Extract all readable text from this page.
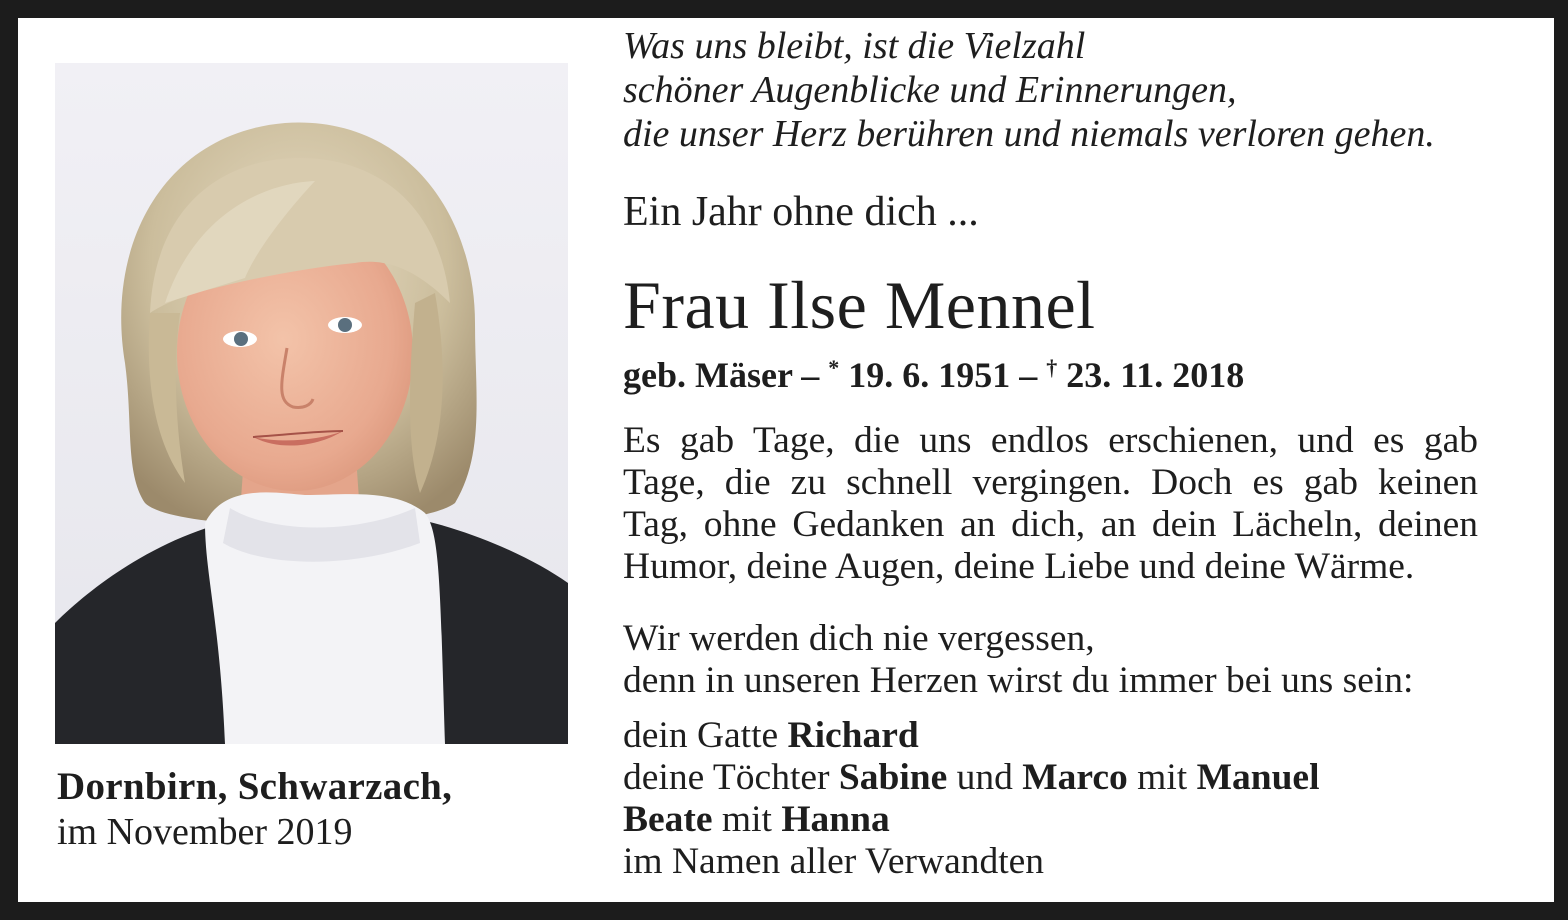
Dornbirn, Schwarzach,
im November 2019
Was uns bleibt, ist die Vielzahl
schöner Augenblicke und Erinnerungen,
die unser Herz berühren und niemals verloren gehen.
Ein Jahr ohne dich ...
Frau Ilse Mennel
geb. Mäser – * 19. 6. 1951 – † 23. 11. 2018
Es gab Tage, die uns endlos erschienen, und es gab
Tage, die zu schnell vergingen. Doch es gab keinen
Tag, ohne Gedanken an dich, an dein Lächeln, deinen
Humor, deine Augen, deine Liebe und deine Wärme.
Wir werden dich nie vergessen,
denn in unseren Herzen wirst du immer bei uns sein:
dein Gatte Richard
deine Töchter Sabine und Marco mit Manuel
Beate mit Hanna
im Namen aller Verwandten
